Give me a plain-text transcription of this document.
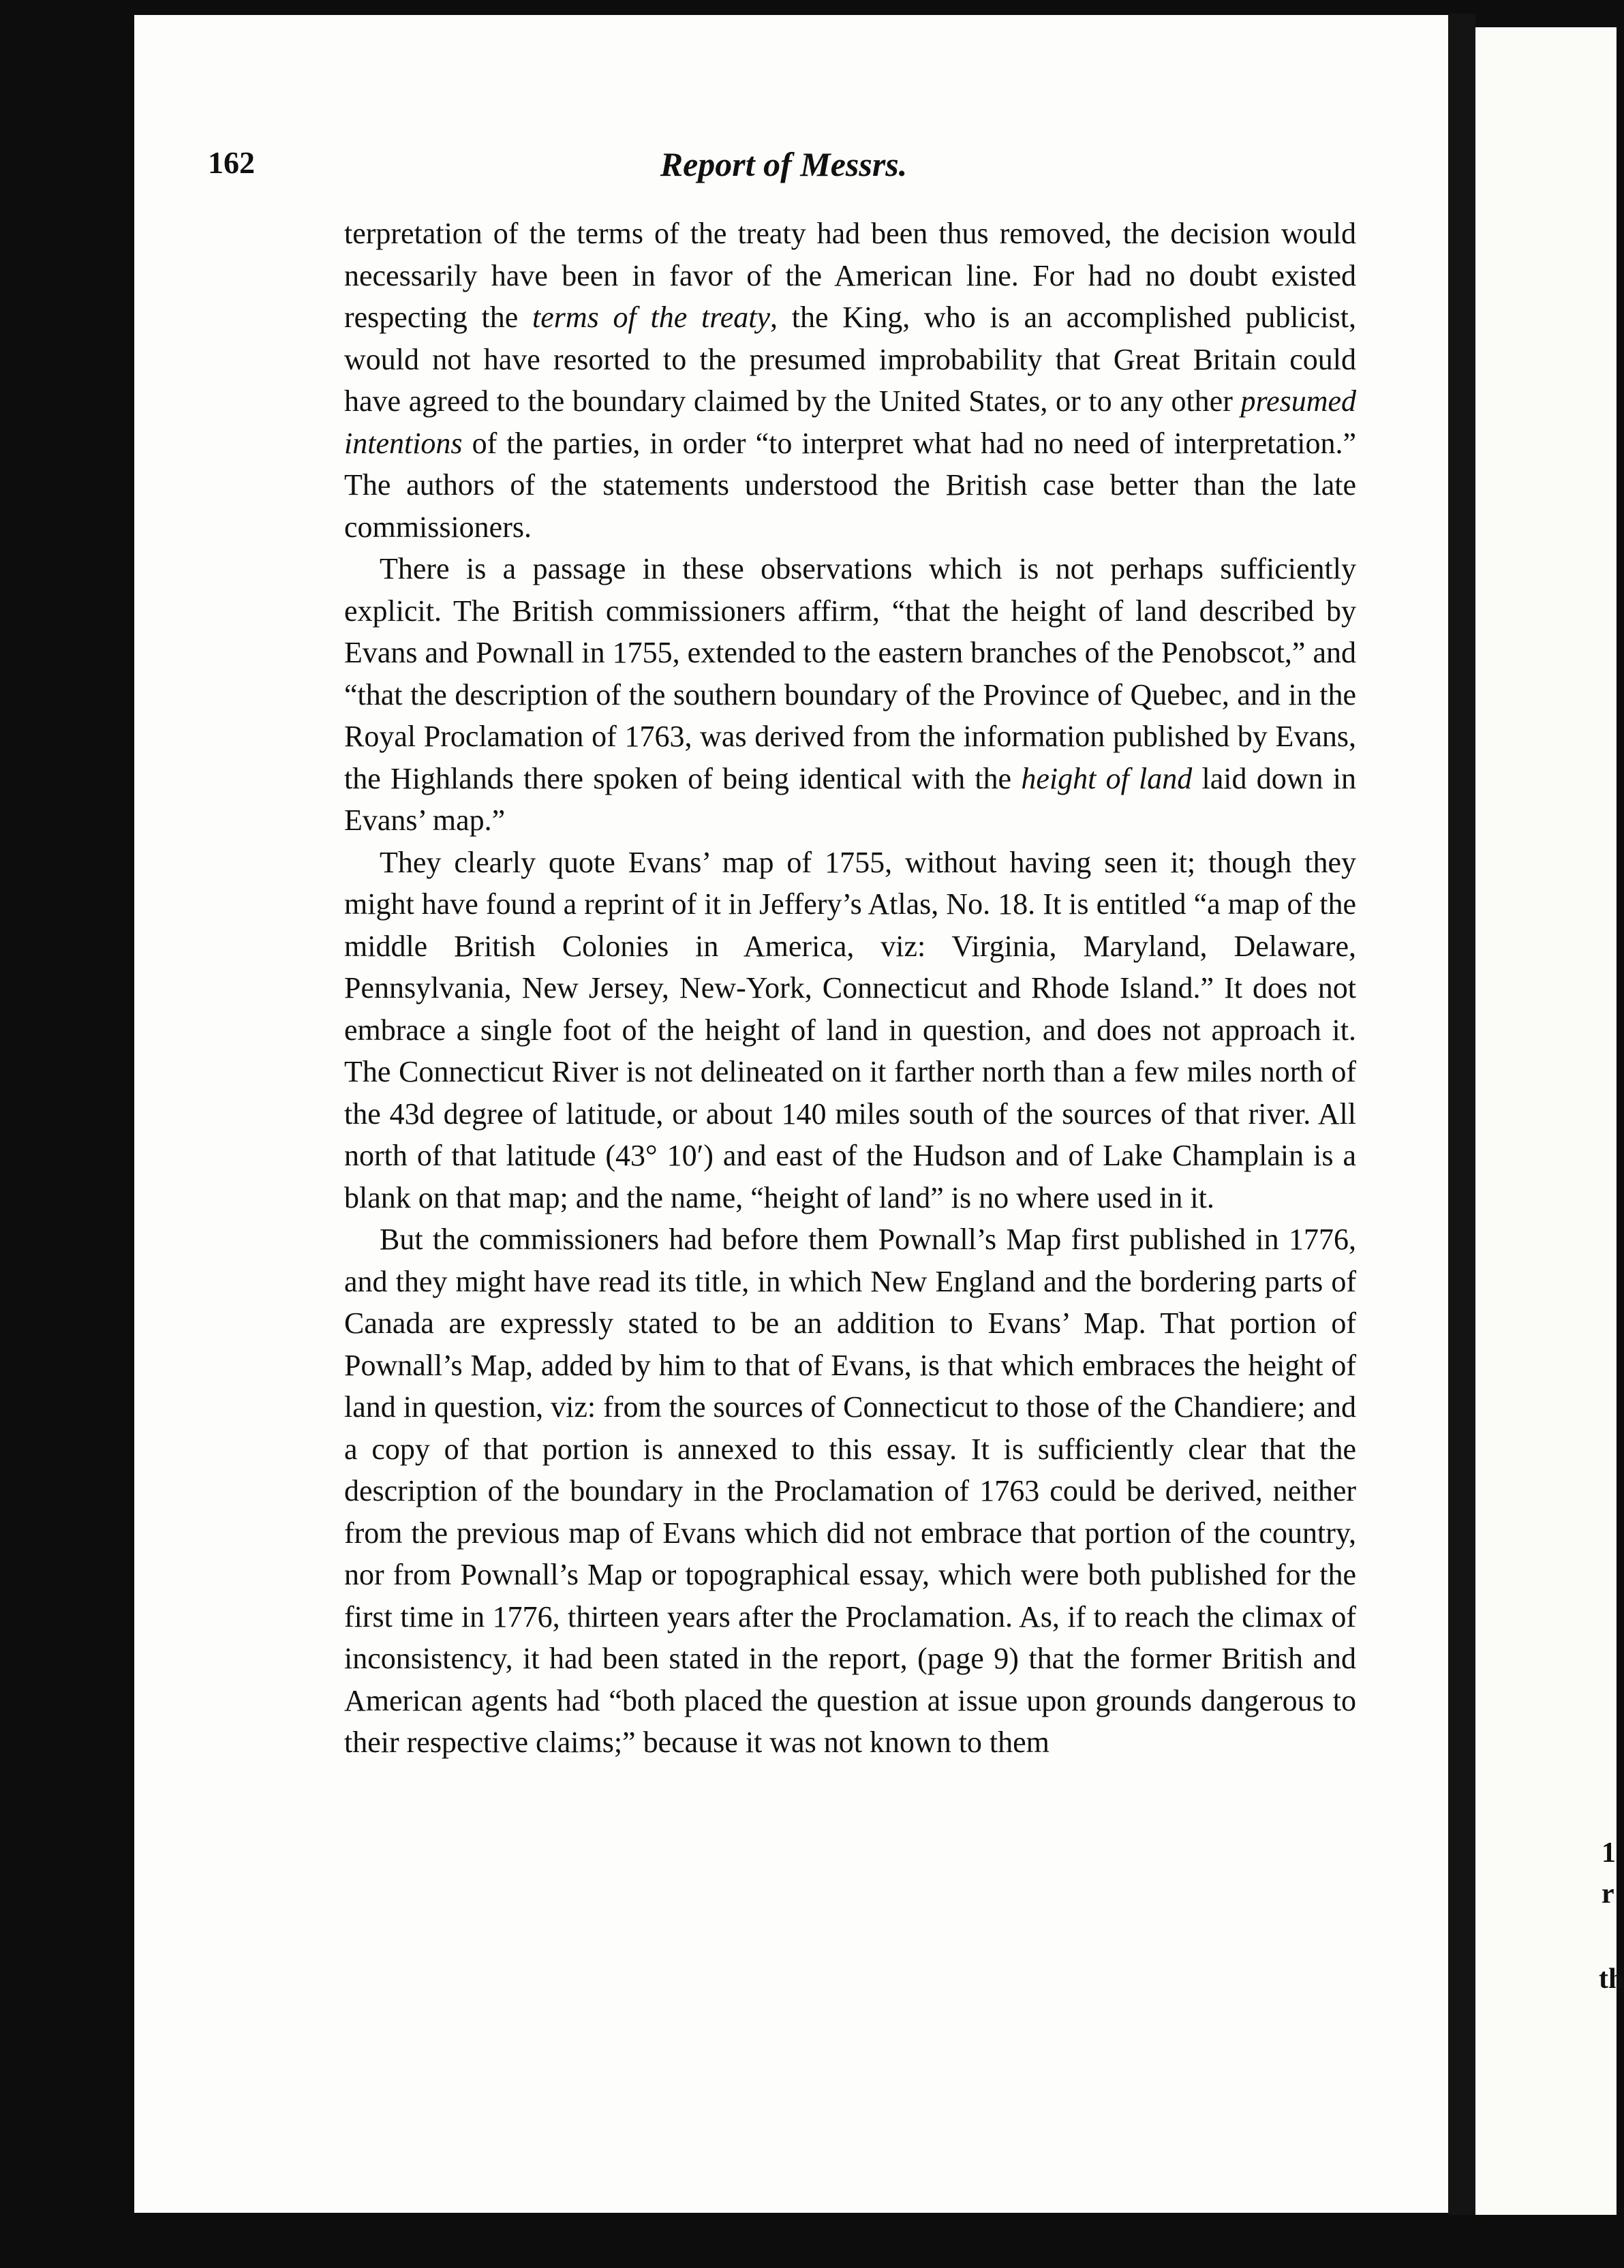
162	Report of Messrs.

terpretation of the terms of the treaty had been thus removed, the decision would necessarily have been in favor of the American line. For had no doubt existed respecting the terms of the treaty, the King, who is an accomplished publicist, would not have resorted to the presumed improbability that Great Britain could have agreed to the boundary claimed by the United States, or to any other presumed intentions of the parties, in order “to interpret what had no need of interpretation.” The authors of the statements understood the British case better than the late commissioners.

There is a passage in these observations which is not perhaps sufficiently explicit. The British commissioners affirm, “that the height of land described by Evans and Pownall in 1755, extended to the eastern branches of the Penobscot,” and “that the description of the southern boundary of the Province of Quebec, and in the Royal Proclamation of 1763, was derived from the information published by Evans, the Highlands there spoken of being identical with the height of land laid down in Evans’ map.”

They clearly quote Evans’ map of 1755, without having seen it; though they might have found a reprint of it in Jeffery’s Atlas, No. 18. It is entitled “a map of the middle British Colonies in America, viz: Virginia, Maryland, Delaware, Pennsylvania, New Jersey, New-York, Connecticut and Rhode Island.” It does not embrace a single foot of the height of land in question, and does not approach it. The Connecticut River is not delineated on it farther north than a few miles north of the 43d degree of latitude, or about 140 miles south of the sources of that river. All north of that latitude (43° 10′) and east of the Hudson and of Lake Champlain is a blank on that map; and the name, “height of land” is no where used in it.

But the commissioners had before them Pownall’s Map first published in 1776, and they might have read its title, in which New England and the bordering parts of Canada are expressly stated to be an addition to Evans’ Map. That portion of Pownall’s Map, added by him to that of Evans, is that which embraces the height of land in question, viz: from the sources of Connecticut to those of the Chandiere; and a copy of that portion is annexed to this essay. It is sufficiently clear that the description of the boundary in the Proclamation of 1763 could be derived, neither from the previous map of Evans which did not embrace that portion of the country, nor from Pownall’s Map or topographical essay, which were both published for the first time in 1776, thirteen years after the Proclamation. As, if to reach the climax of inconsistency, it had been stated in the report, (page 9) that the former British and American agents had “both placed the question at issue upon grounds dangerous to their respective claims;” because it was not known to them

1
r
th
